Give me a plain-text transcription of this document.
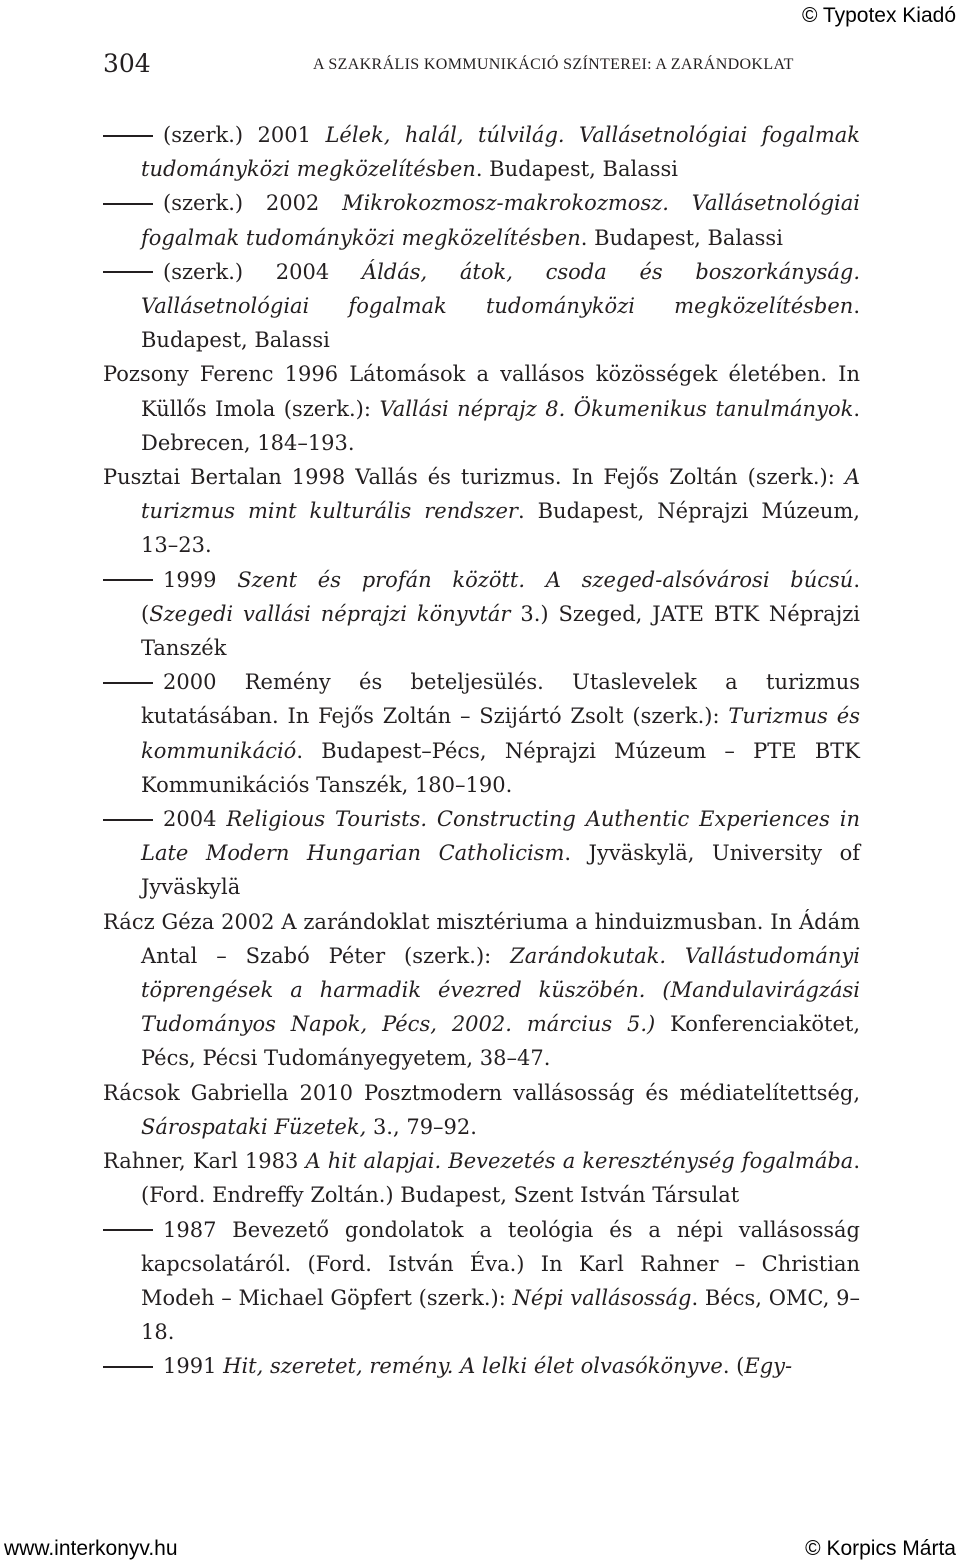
© Typotex Kiadó
304	A SZAKRÁLIS KOMMUNIKÁCIÓ SZÍNTEREI: A ZARÁNDOKLAT
(szerk.) 2001 Lélek, halál, túlvilág. Vallásetnológiai fogalmak tudományközi megközelítésben. Budapest, Balassi
(szerk.) 2002 Mikrokozmosz-makrokozmosz. Vallásetnológiai fogalmak tudományközi megközelítésben. Budapest, Balassi
(szerk.) 2004 Áldás, átok, csoda és boszorkányság. Vallásetnológiai fogalmak tudományközi megközelítésben. Budapest, Balassi
Pozsony Ferenc 1996 Látomások a vallásos közösségek életében. In Küllős Imola (szerk.): Vallási néprajz 8. Ökumenikus tanulmányok. Debrecen, 184–193.
Pusztai Bertalan 1998 Vallás és turizmus. In Fejős Zoltán (szerk.): A turizmus mint kulturális rendszer. Budapest, Néprajzi Múzeum, 13–23.
1999 Szent és profán között. A szeged-alsóvárosi búcsú. (Szegedi vallási néprajzi könyvtár 3.) Szeged, JATE BTK Néprajzi Tanszék
2000 Remény és beteljesülés. Utaslevelek a turizmus kutatásában. In Fejős Zoltán – Szijártó Zsolt (szerk.): Turizmus és kommunikáció. Budapest–Pécs, Néprajzi Múzeum – PTE BTK Kommunikációs Tanszék, 180–190.
2004 Religious Tourists. Constructing Authentic Experiences in Late Modern Hungarian Catholicism. Jyväskylä, University of Jyväskylä
Rácz Géza 2002 A zarándoklat misztériuma a hinduizmusban. In Ádám Antal – Szabó Péter (szerk.): Zarándokutak. Vallástudományi töprengések a harmadik évezred küszöbén. (Mandulavirágzási Tudományos Napok, Pécs, 2002. március 5.) Konferenciakötet, Pécs, Pécsi Tudományegyetem, 38–47.
Rácsok Gabriella 2010 Posztmodern vallásosság és médiatelítettség, Sárospataki Füzetek, 3., 79–92.
Rahner, Karl 1983 A hit alapjai. Bevezetés a kereszténység fogalmába. (Ford. Endreffy Zoltán.) Budapest, Szent István Társulat
1987 Bevezető gondolatok a teológia és a népi vallásosság kapcsolatáról. (Ford. István Éva.) In Karl Rahner – Christian Modeh – Michael Göpfert (szerk.): Népi vallásosság. Bécs, OMC, 9–18.
1991 Hit, szeretet, remény. A lelki élet olvasókönyve. (Egy-
www.interkonyv.hu	© Korpics Márta
